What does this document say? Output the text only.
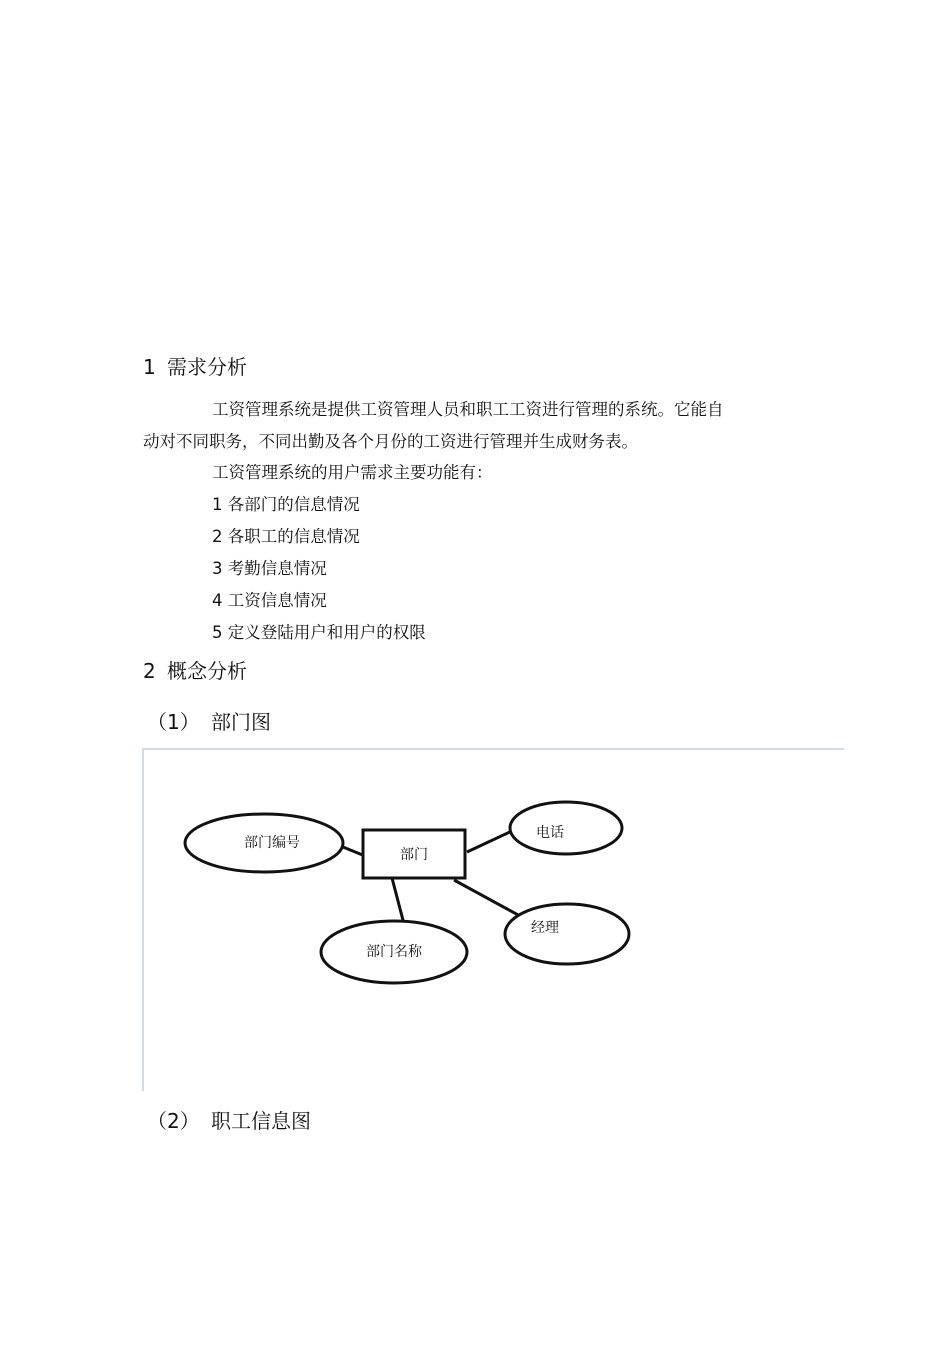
1 需求分析
工资管理系统是提供工资管理人员和职工工资进行管理的系统。它能自
动对不同职务，不同出勤及各个月份的工资进行管理并生成财务表。
工资管理系统的用户需求主要功能有：
1 各部门的信息情况
2 各职工的信息情况
3 考勤信息情况
4 工资信息情况
5 定义登陆用户和用户的权限
2 概念分析
（1） 部门图
部门
部门编号
电话
部门名称
经理
（2） 职工信息图
